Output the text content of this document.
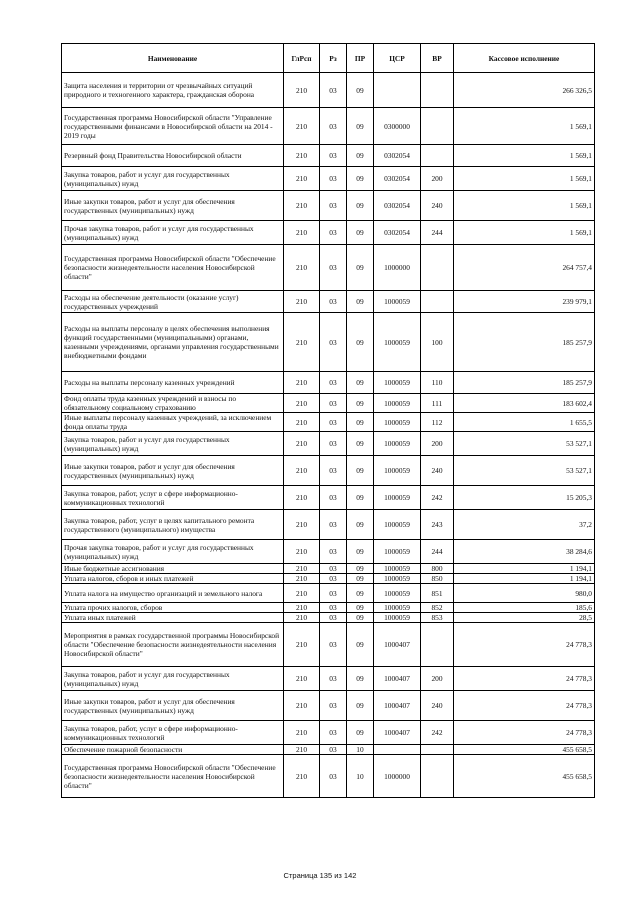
Наименование	ГлРсп	Рз	ПР	ЦСР	ВР	Кассовое исполнение
Защита населения и территории от чрезвычайных ситуаций природного и техногенного характера, гражданская оборона	210	03	09			266 326,5
Государственная программа Новосибирской области "Управление государственными финансами в Новосибирской области на 2014 - 2019 годы	210	03	09	0300000		1 569,1
Резервный фонд Правительства Новосибирской области	210	03	09	0302054		1 569,1
Закупка товаров, работ и услуг для государственных (муниципальных) нужд	210	03	09	0302054	200	1 569,1
Иные закупки товаров, работ и услуг для обеспечения государственных (муниципальных) нужд	210	03	09	0302054	240	1 569,1
Прочая закупка товаров, работ и услуг для государственных (муниципальных) нужд	210	03	09	0302054	244	1 569,1
Государственная программа Новосибирской области "Обеспечение безопасности жизнедеятельности населения Новосибирской области"	210	03	09	1000000		264 757,4
Расходы на обеспечение деятельности (оказание услуг) государственных учреждений	210	03	09	1000059		239 979,1
Расходы на выплаты персоналу в целях обеспечения выполнения функций государственными (муниципальными) органами, казенными учреждениями, органами управления государственными внебюджетными фондами	210	03	09	1000059	100	185 257,9
Расходы на выплаты персоналу казенных учреждений	210	03	09	1000059	110	185 257,9
Фонд оплаты труда казенных учреждений и взносы по обязательному социальному страхованию	210	03	09	1000059	111	183 602,4
Иные выплаты персоналу казенных учреждений, за исключением фонда оплаты труда	210	03	09	1000059	112	1 655,5
Закупка товаров, работ и услуг для государственных (муниципальных) нужд	210	03	09	1000059	200	53 527,1
Иные закупки товаров, работ и услуг для обеспечения государственных (муниципальных) нужд	210	03	09	1000059	240	53 527,1
Закупка товаров, работ, услуг в сфере информационно-коммуникационных технологий	210	03	09	1000059	242	15 205,3
Закупка товаров, работ, услуг в целях капитального ремонта государственного (муниципального) имущества	210	03	09	1000059	243	37,2
Прочая закупка товаров, работ и услуг для государственных (муниципальных) нужд	210	03	09	1000059	244	38 284,6
Иные бюджетные ассигнования	210	03	09	1000059	800	1 194,1
Уплата налогов, сборов и иных платежей	210	03	09	1000059	850	1 194,1
Уплата налога на имущество организаций и земельного налога	210	03	09	1000059	851	980,0
Уплата прочих налогов, сборов	210	03	09	1000059	852	185,6
Уплата иных платежей	210	03	09	1000059	853	28,5
Мероприятия в рамках государственной программы Новосибирской области "Обеспечение безопасности жизнедеятельности населения Новосибирской области"	210	03	09	1000407		24 778,3
Закупка товаров, работ и услуг для государственных (муниципальных) нужд	210	03	09	1000407	200	24 778,3
Иные закупки товаров, работ и услуг для обеспечения государственных (муниципальных) нужд	210	03	09	1000407	240	24 778,3
Закупка товаров, работ, услуг в сфере информационно-коммуникационных технологий	210	03	09	1000407	242	24 778,3
Обеспечение пожарной безопасности	210	03	10			455 658,5
Государственная программа Новосибирской области "Обеспечение безопасности жизнедеятельности населения Новосибирской области"	210	03	10	1000000		455 658,5
Страница 135 из 142
